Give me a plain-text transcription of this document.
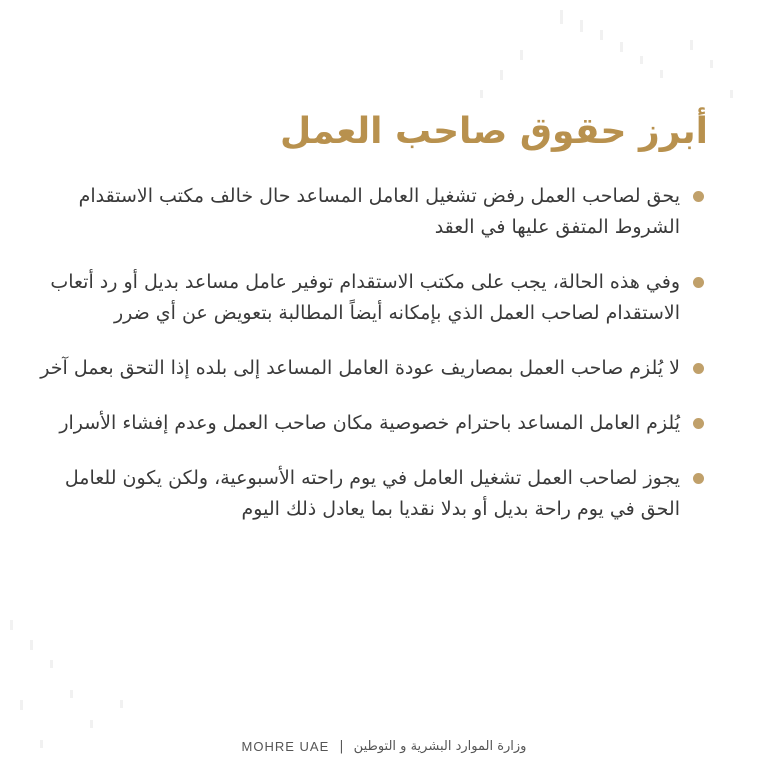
أبرز حقوق صاحب العمل
يحق لصاحب العمل رفض تشغيل العامل المساعد حال خالف مكتب الاستقدام الشروط المتفق عليها في العقد
وفي هذه الحالة، يجب على مكتب الاستقدام توفير عامل مساعد بديل أو رد أتعاب الاستقدام لصاحب العمل الذي بإمكانه أيضاً المطالبة بتعويض عن أي ضرر
لا يُلزم صاحب العمل بمصاريف عودة العامل المساعد إلى بلده إذا التحق بعمل آخر
يُلزم العامل المساعد باحترام خصوصية مكان صاحب العمل وعدم إفشاء الأسرار
يجوز لصاحب العمل تشغيل العامل في يوم راحته الأسبوعية، ولكن يكون للعامل الحق في يوم راحة بديل أو بدلا نقديا بما يعادل ذلك اليوم
MOHRE UAE | وزارة الموارد البشرية و التوطين
